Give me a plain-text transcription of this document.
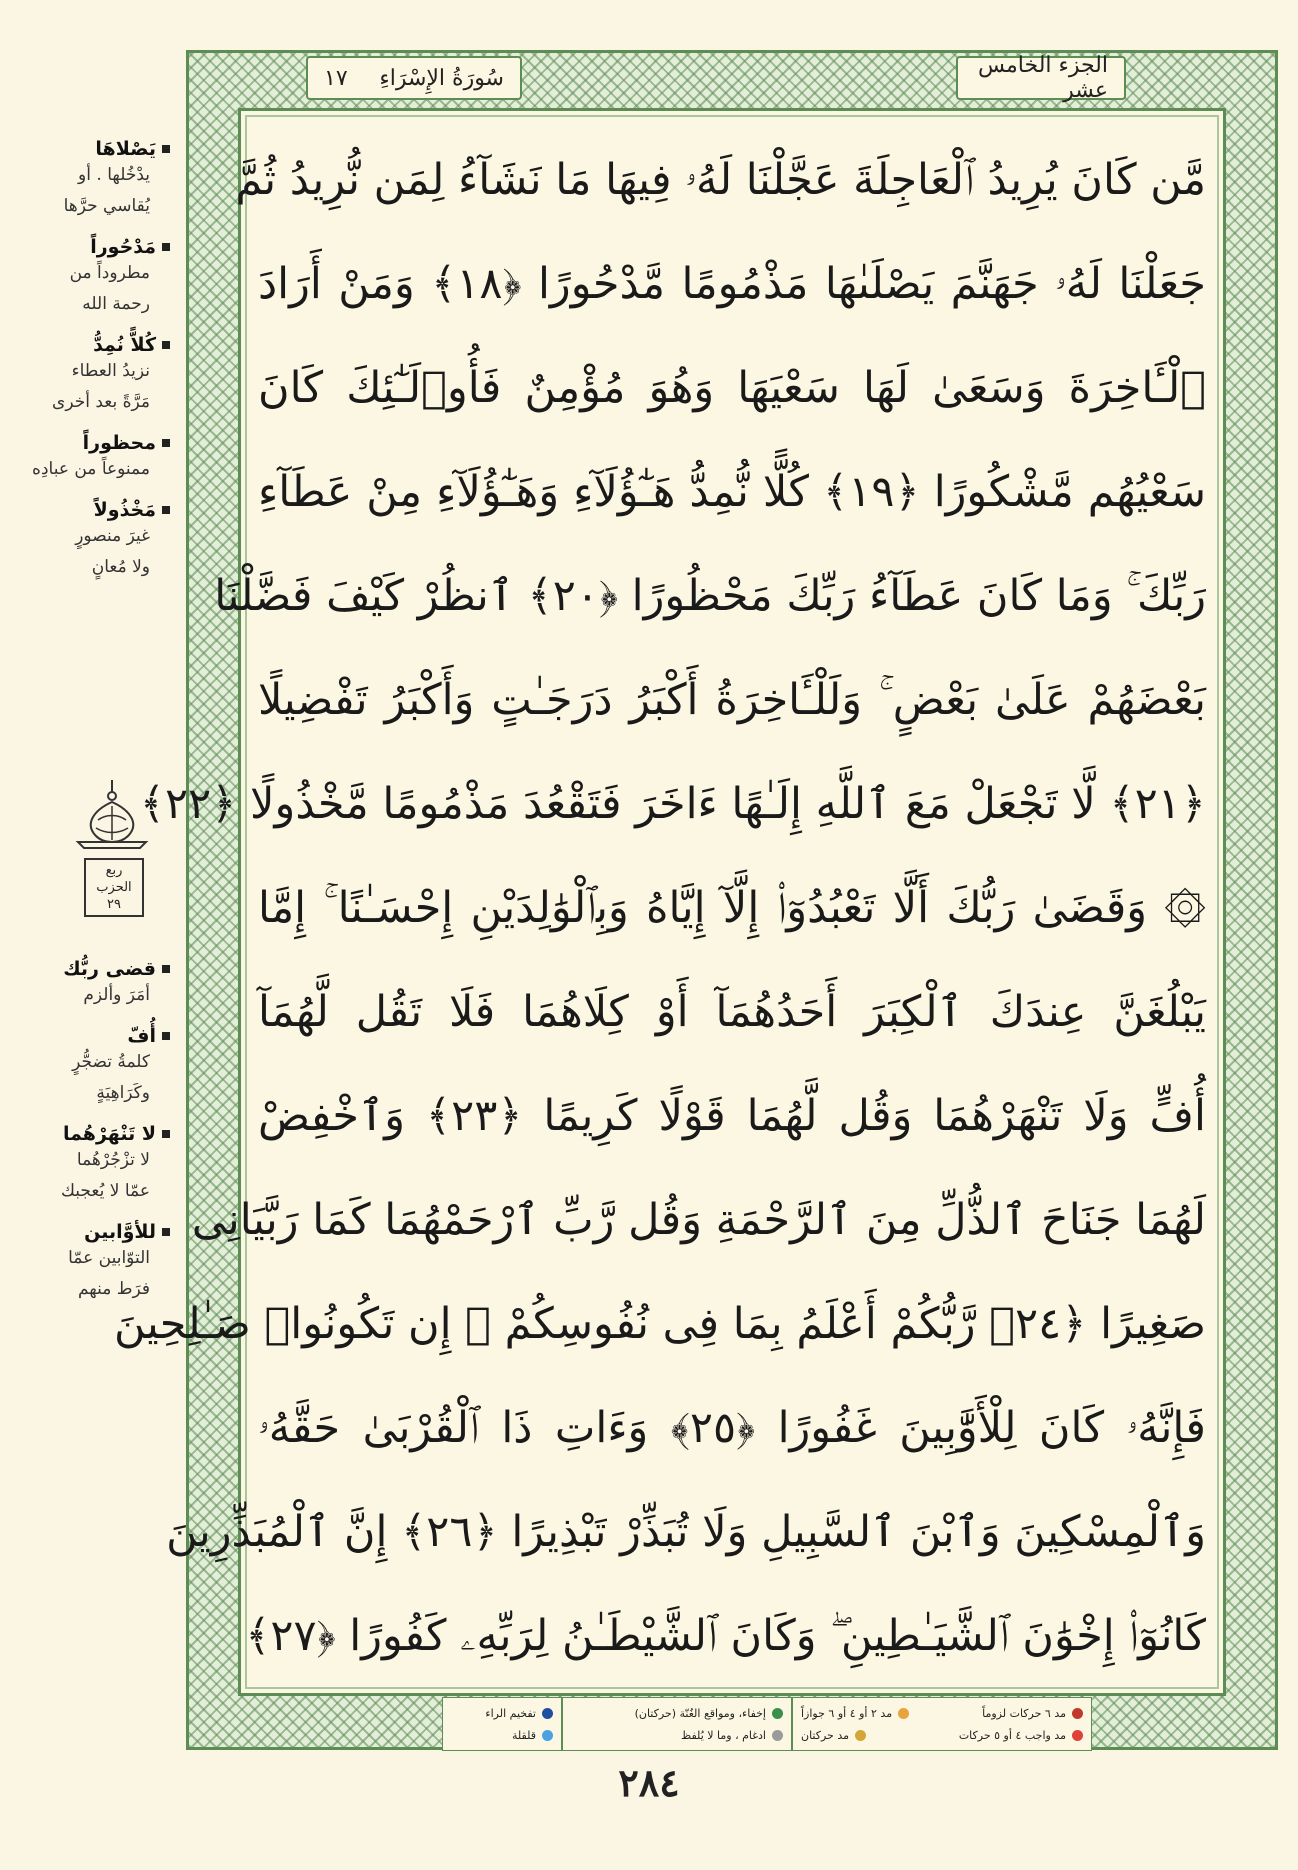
سُورَةُ الإِسْرَاءِ
١٧	الجزء الخامس عشر
مَّن كَانَ يُرِيدُ ٱلْعَاجِلَةَ عَجَّلْنَا لَهُۥ فِيهَا مَا نَشَآءُ لِمَن نُّرِيدُ ثُمَّ
جَعَلْنَا لَهُۥ جَهَنَّمَ يَصْلَىٰهَا مَذْمُومًا مَّدْحُورًا ﴿١٨﴾ وَمَنْ أَرَادَ
ٱلْـَٔاخِرَةَ وَسَعَىٰ لَهَا سَعْيَهَا وَهُوَ مُؤْمِنٌ فَأُو۟لَـٰٓئِكَ كَانَ
سَعْيُهُم مَّشْكُورًا ﴿١٩﴾ كُلًّا نُّمِدُّ هَـٰٓؤُلَآءِ وَهَـٰٓؤُلَآءِ مِنْ عَطَآءِ
رَبِّكَ ۚ وَمَا كَانَ عَطَآءُ رَبِّكَ مَحْظُورًا ﴿٢٠﴾ ٱنظُرْ كَيْفَ فَضَّلْنَا
بَعْضَهُمْ عَلَىٰ بَعْضٍ ۚ وَلَلْـَٔاخِرَةُ أَكْبَرُ دَرَجَـٰتٍ وَأَكْبَرُ تَفْضِيلًا
﴿٢١﴾ لَّا تَجْعَلْ مَعَ ٱللَّهِ إِلَـٰهًا ءَاخَرَ فَتَقْعُدَ مَذْمُومًا مَّخْذُولًا ﴿٢٢﴾
۞ وَقَضَىٰ رَبُّكَ أَلَّا تَعْبُدُوٓا۟ إِلَّآ إِيَّاهُ وَبِٱلْوَٰلِدَيْنِ إِحْسَـٰنًا ۚ إِمَّا
يَبْلُغَنَّ عِندَكَ ٱلْكِبَرَ أَحَدُهُمَآ أَوْ كِلَاهُمَا فَلَا تَقُل لَّهُمَآ
أُفٍّ وَلَا تَنْهَرْهُمَا وَقُل لَّهُمَا قَوْلًا كَرِيمًا ﴿٢٣﴾ وَٱخْفِضْ
لَهُمَا جَنَاحَ ٱلذُّلِّ مِنَ ٱلرَّحْمَةِ وَقُل رَّبِّ ٱرْحَمْهُمَا كَمَا رَبَّيَانِى
صَغِيرًا ﴿٢٤﴾ رَّبُّكُمْ أَعْلَمُ بِمَا فِى نُفُوسِكُمْ ۚ إِن تَكُونُوا۟ صَـٰلِحِينَ
فَإِنَّهُۥ كَانَ لِلْأَوَّٰبِينَ غَفُورًا ﴿٢٥﴾ وَءَاتِ ذَا ٱلْقُرْبَىٰ حَقَّهُۥ
وَٱلْمِسْكِينَ وَٱبْنَ ٱلسَّبِيلِ وَلَا تُبَذِّرْ تَبْذِيرًا ﴿٢٦﴾ إِنَّ ٱلْمُبَذِّرِينَ
كَانُوٓا۟ إِخْوَٰنَ ٱلشَّيَـٰطِينِ ۖ وَكَانَ ٱلشَّيْطَـٰنُ لِرَبِّهِۦ كَفُورًا ﴿٢٧﴾
يَصْلاهَا
يدْخُلها . أو
يُقاسي حرَّها
مَدْحُوراً
مطروداً من
رحمة الله
كُلاًّ نُمِدُّ
نزيدُ العطاء
مَرَّةً بعد أخرى
محظوراً
ممنوعاً من عبادِه
مَخْذُولاً
غيرَ منصورٍ
ولا مُعانٍ
ربع
الحزب
٢٩
قضى ربُّك
أمَرَ وألزم
أُفّ
كلمةُ تضجُّرٍ
وكَرَاهِيَةٍ
لا تَنْهَرْهُما
لا تزْجُرْهُما
عمّا لا يُعجبك
للأوَّابين
التوّابين عمّا
فرَط منهم
مد ٦ حركات لزوماً
مد ٢ أو ٤ أو ٦ جوازاً
مد واجب ٤ أو ٥ حركات
مد حركتان
إخفاء، ومواقع الغُنّة (حركتان)
ادغام ، وما لا يُلفظ
تفخيم الراء
قلقلة
٢٨٤
